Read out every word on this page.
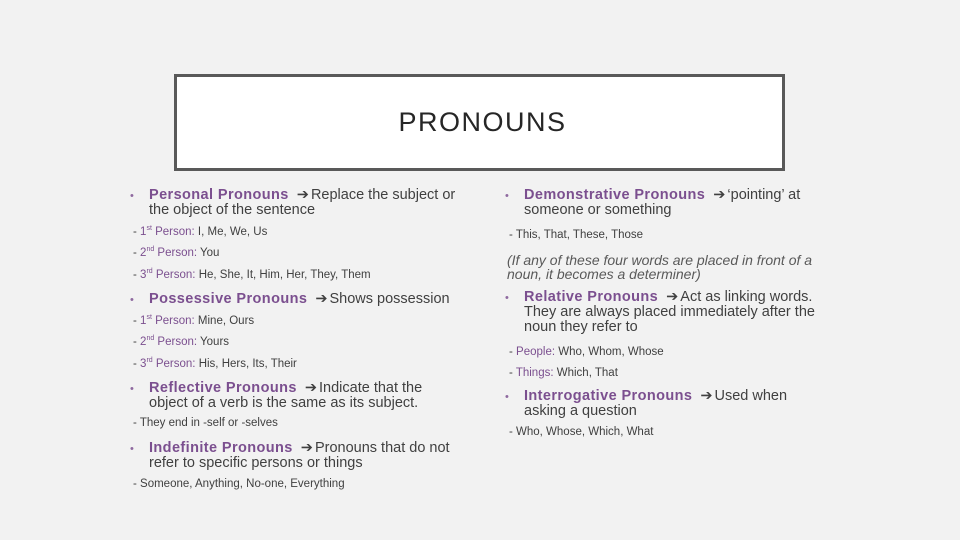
PRONOUNS
•	Personal Pronouns ➔ Replace the subject or the object of the sentence
- 1st Person: I, Me, We, Us
- 2nd Person: You
- 3rd Person: He, She, It, Him, Her, They, Them
•	Possessive Pronouns ➔ Shows possession
- 1st Person: Mine, Ours
- 2nd Person: Yours
- 3rd Person: His, Hers, Its, Their
•	Reflective Pronouns ➔ Indicate that the object of a verb is the same as its subject.
- They end in -self or -selves
•	Indefinite Pronouns ➔ Pronouns that do not refer to specific persons or things
- Someone, Anything, No-one, Everything
•	Demonstrative Pronouns ➔ ‘pointing’ at someone or something
- This, That, These, Those
(If any of these four words are placed in front of a noun, it becomes a determiner)
•	Relative Pronouns ➔ Act as linking words. They are always placed immediately after the noun they refer to
- People: Who, Whom, Whose
- Things: Which, That
•	Interrogative Pronouns ➔ Used when asking a question
- Who, Whose, Which, What
